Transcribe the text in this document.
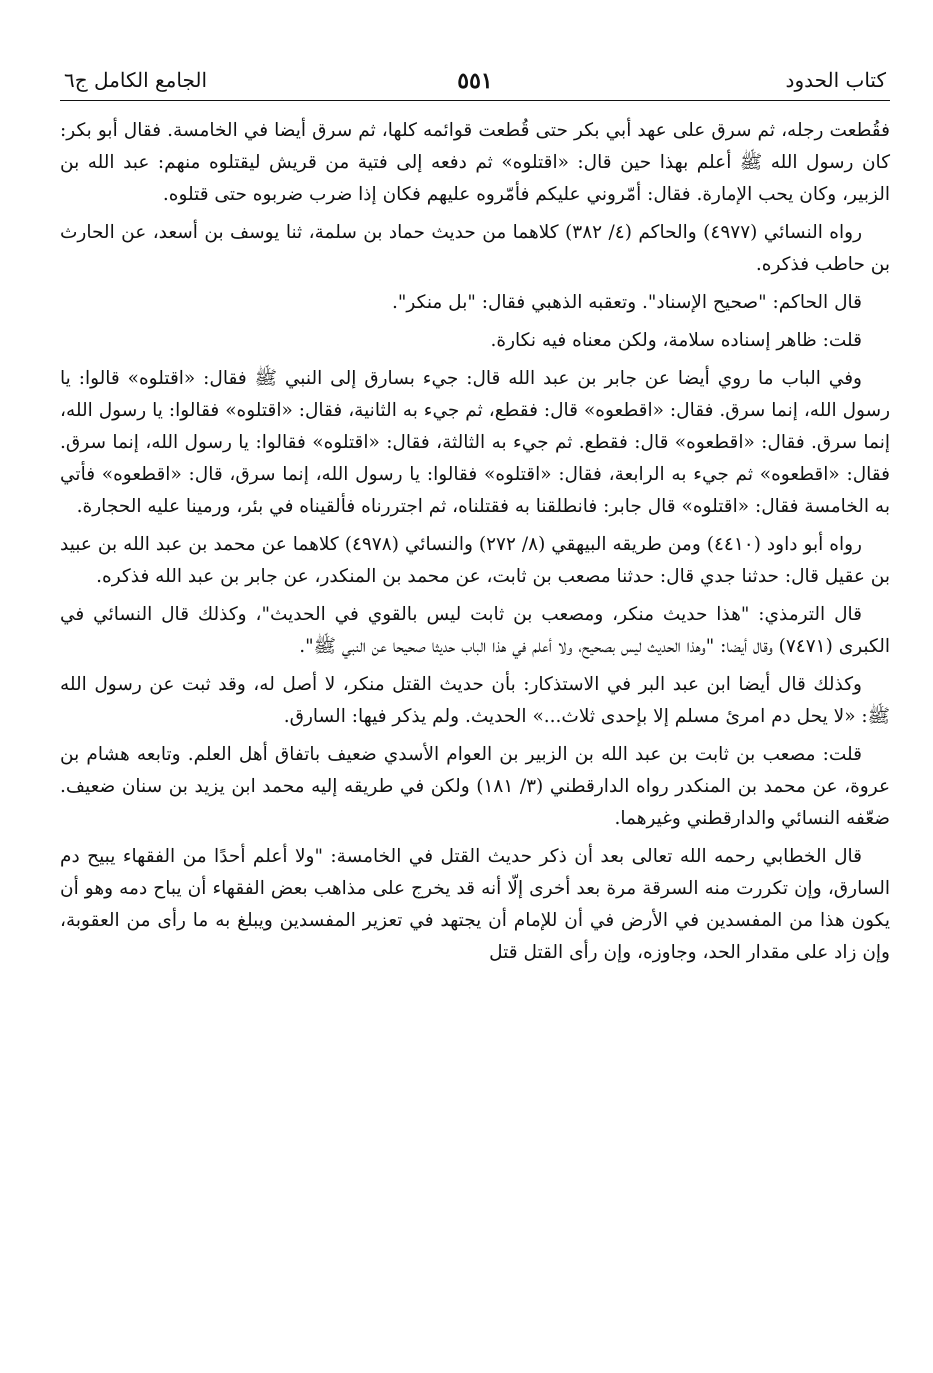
كتاب الحدود
٥٥١
الجامع الكامل ج٦

فقُطعت رجله، ثم سرق على عهد أبي بكر حتى قُطعت قوائمه كلها، ثم سرق أيضا في الخامسة. فقال أبو بكر: كان رسول الله ﷺ أعلم بهذا حين قال: «اقتلوه» ثم دفعه إلى فتية من قريش ليقتلوه منهم: عبد الله بن الزبير، وكان يحب الإمارة. فقال: أمّروني عليكم فأمّروه عليهم فكان إذا ضرب ضربوه حتى قتلوه.

رواه النسائي (٤٩٧٧) والحاكم (٤/ ٣٨٢) كلاهما من حديث حماد بن سلمة، ثنا يوسف بن أسعد، عن الحارث بن حاطب فذكره.

قال الحاكم: "صحيح الإسناد". وتعقبه الذهبي فقال: "بل منكر".

قلت: ظاهر إسناده سلامة، ولكن معناه فيه نكارة.

وفي الباب ما روي أيضا عن جابر بن عبد الله قال: جيء بسارق إلى النبي ﷺ فقال: «اقتلوه» قالوا: يا رسول الله، إنما سرق. فقال: «اقطعوه» قال: فقطع، ثم جيء به الثانية، فقال: «اقتلوه» فقالوا: يا رسول الله، إنما سرق. فقال: «اقطعوه» قال: فقطع. ثم جيء به الثالثة، فقال: «اقتلوه» فقالوا: يا رسول الله، إنما سرق. فقال: «اقطعوه» ثم جيء به الرابعة، فقال: «اقتلوه» فقالوا: يا رسول الله، إنما سرق، قال: «اقطعوه» فأتي به الخامسة فقال: «اقتلوه» قال جابر: فانطلقنا به فقتلناه، ثم اجتررناه فألقيناه في بئر، ورمينا عليه الحجارة.

رواه أبو داود (٤٤١٠) ومن طريقه البيهقي (٨/ ٢٧٢) والنسائي (٤٩٧٨) كلاهما عن محمد بن عبد الله بن عبيد بن عقيل قال: حدثنا جدي قال: حدثنا مصعب بن ثابت، عن محمد بن المنكدر، عن جابر بن عبد الله فذكره.

قال الترمذي: "هذا حديث منكر، ومصعب بن ثابت ليس بالقوي في الحديث"، وكذلك قال النسائي في الكبرى (٧٤٧١) وقال أيضا: "وهذا الحديث ليس بصحيح، ولا أعلم في هذا الباب حديثا صحيحا عن النبي ﷺ".

وكذلك قال أيضا ابن عبد البر في الاستذكار: بأن حديث القتل منكر، لا أصل له، وقد ثبت عن رسول الله ﷺ: «لا يحل دم امرئ مسلم إلا بإحدى ثلاث...» الحديث. ولم يذكر فيها: السارق.

قلت: مصعب بن ثابت بن عبد الله بن الزبير بن العوام الأسدي ضعيف باتفاق أهل العلم. وتابعه هشام بن عروة، عن محمد بن المنكدر رواه الدارقطني (٣/ ١٨١) ولكن في طريقه إليه محمد ابن يزيد بن سنان ضعيف. ضعّفه النسائي والدارقطني وغيرهما.

قال الخطابي رحمه الله تعالى بعد أن ذكر حديث القتل في الخامسة: "ولا أعلم أحدًا من الفقهاء يبيح دم السارق، وإن تكررت منه السرقة مرة بعد أخرى إلّا أنه قد يخرج على مذاهب بعض الفقهاء أن يباح دمه وهو أن يكون هذا من المفسدين في الأرض في أن للإمام أن يجتهد في تعزير المفسدين ويبلغ به ما رأى من العقوبة، وإن زاد على مقدار الحد، وجاوزه، وإن رأى القتل قتل
